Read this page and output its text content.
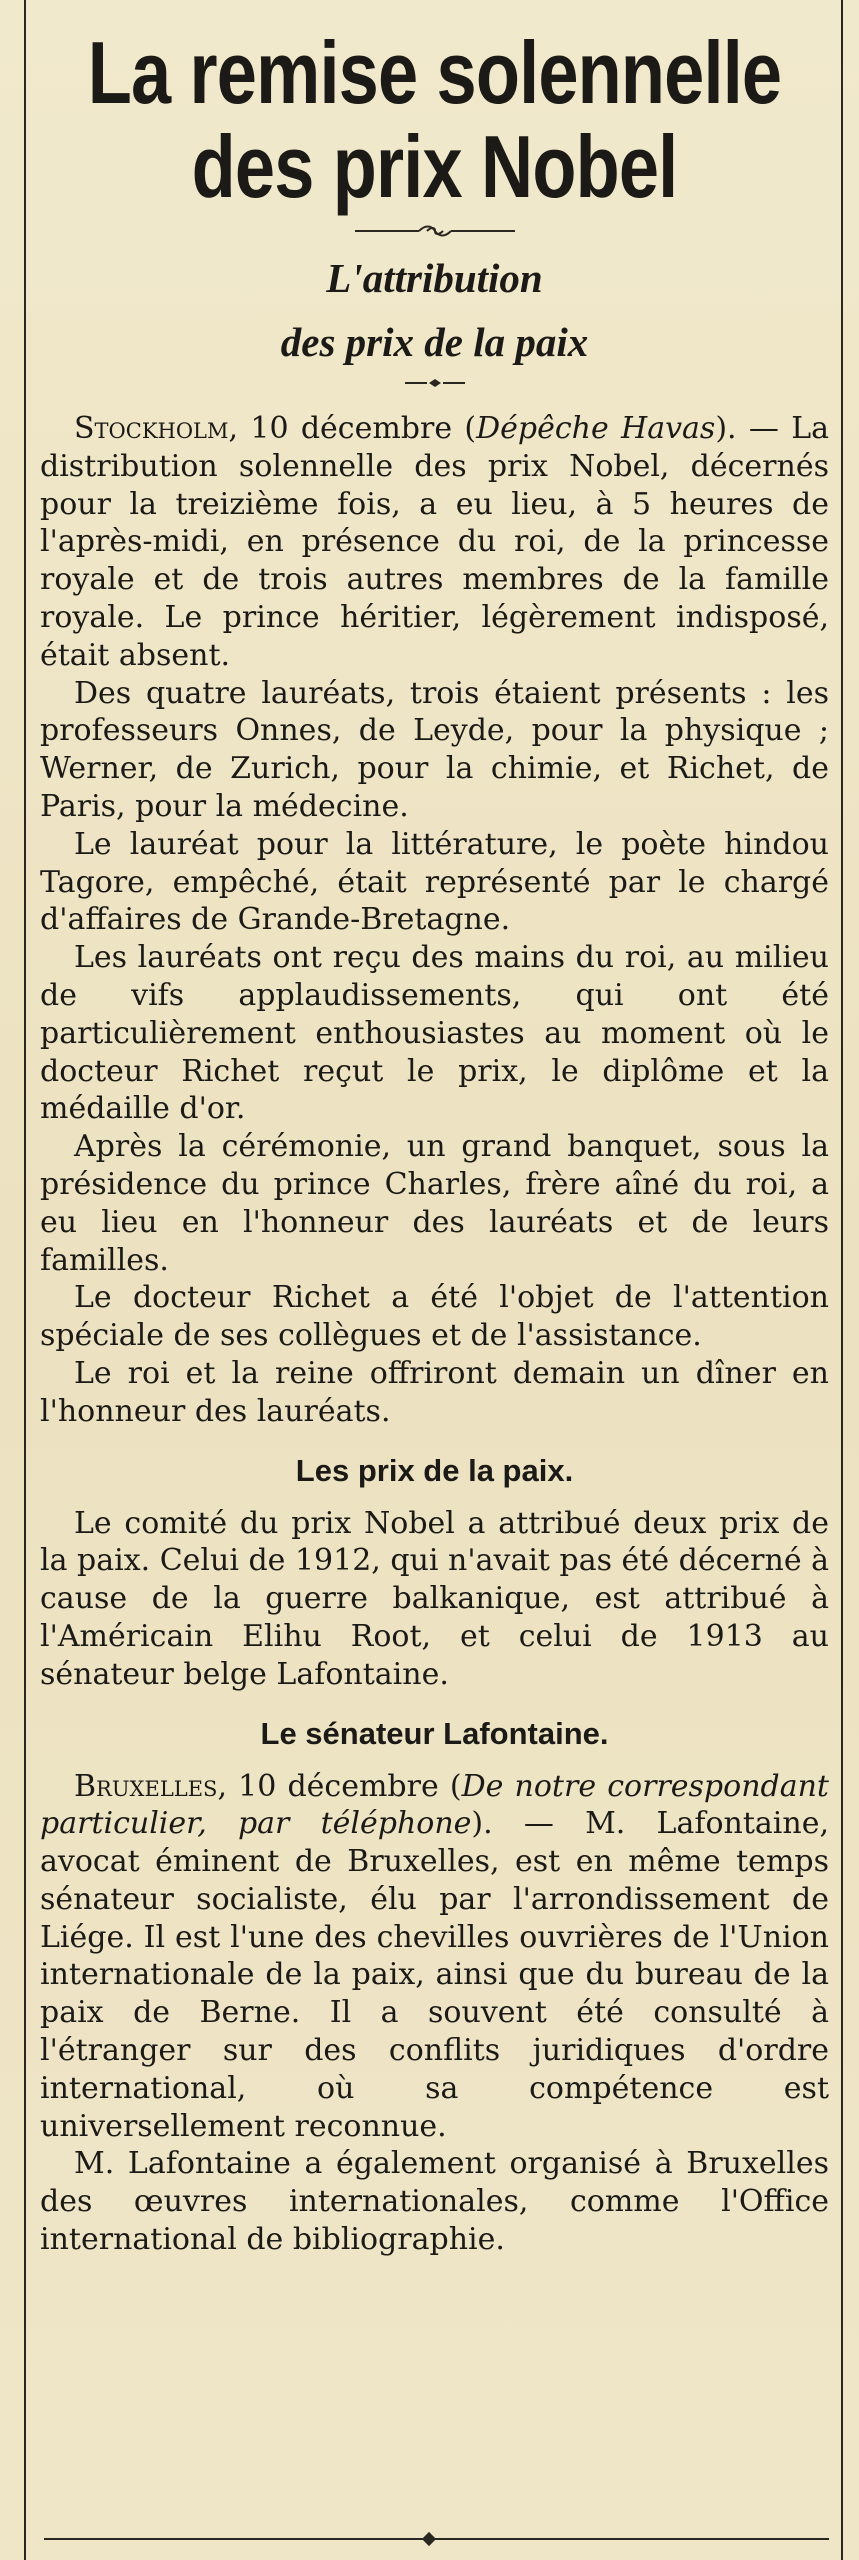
La remise solennelle
des prix Nobel
L'attribution
des prix de la paix

Stockholm, 10 décembre (Dépêche Havas). — La distribution solennelle des prix Nobel, décernés pour la treizième fois, a eu lieu, à 5 heures de l'après-midi, en présence du roi, de la princesse royale et de trois autres membres de la famille royale. Le prince héritier, légèrement indisposé, était absent.

Des quatre lauréats, trois étaient présents : les professeurs Onnes, de Leyde, pour la physique ; Werner, de Zurich, pour la chimie, et Richet, de Paris, pour la médecine.

Le lauréat pour la littérature, le poète hindou Tagore, empêché, était représenté par le chargé d'affaires de Grande-Bretagne.

Les lauréats ont reçu des mains du roi, au milieu de vifs applaudissements, qui ont été particulièrement enthousiastes au moment où le docteur Richet reçut le prix, le diplôme et la médaille d'or.

Après la cérémonie, un grand banquet, sous la présidence du prince Charles, frère aîné du roi, a eu lieu en l'honneur des lauréats et de leurs familles.

Le docteur Richet a été l'objet de l'attention spéciale de ses collègues et de l'assistance.

Le roi et la reine offriront demain un dîner en l'honneur des lauréats.

Les prix de la paix.

Le comité du prix Nobel a attribué deux prix de la paix. Celui de 1912, qui n'avait pas été décerné à cause de la guerre balkanique, est attribué à l'Américain Elihu Root, et celui de 1913 au sénateur belge Lafontaine.

Le sénateur Lafontaine.

Bruxelles, 10 décembre (De notre correspondant particulier, par téléphone). — M. Lafontaine, avocat éminent de Bruxelles, est en même temps sénateur socialiste, élu par l'arrondissement de Liége. Il est l'une des chevilles ouvrières de l'Union internationale de la paix, ainsi que du bureau de la paix de Berne. Il a souvent été consulté à l'étranger sur des conflits juridiques d'ordre international, où sa compétence est universellement reconnue.

M. Lafontaine a également organisé à Bruxelles des œuvres internationales, comme l'Office international de bibliographie.
